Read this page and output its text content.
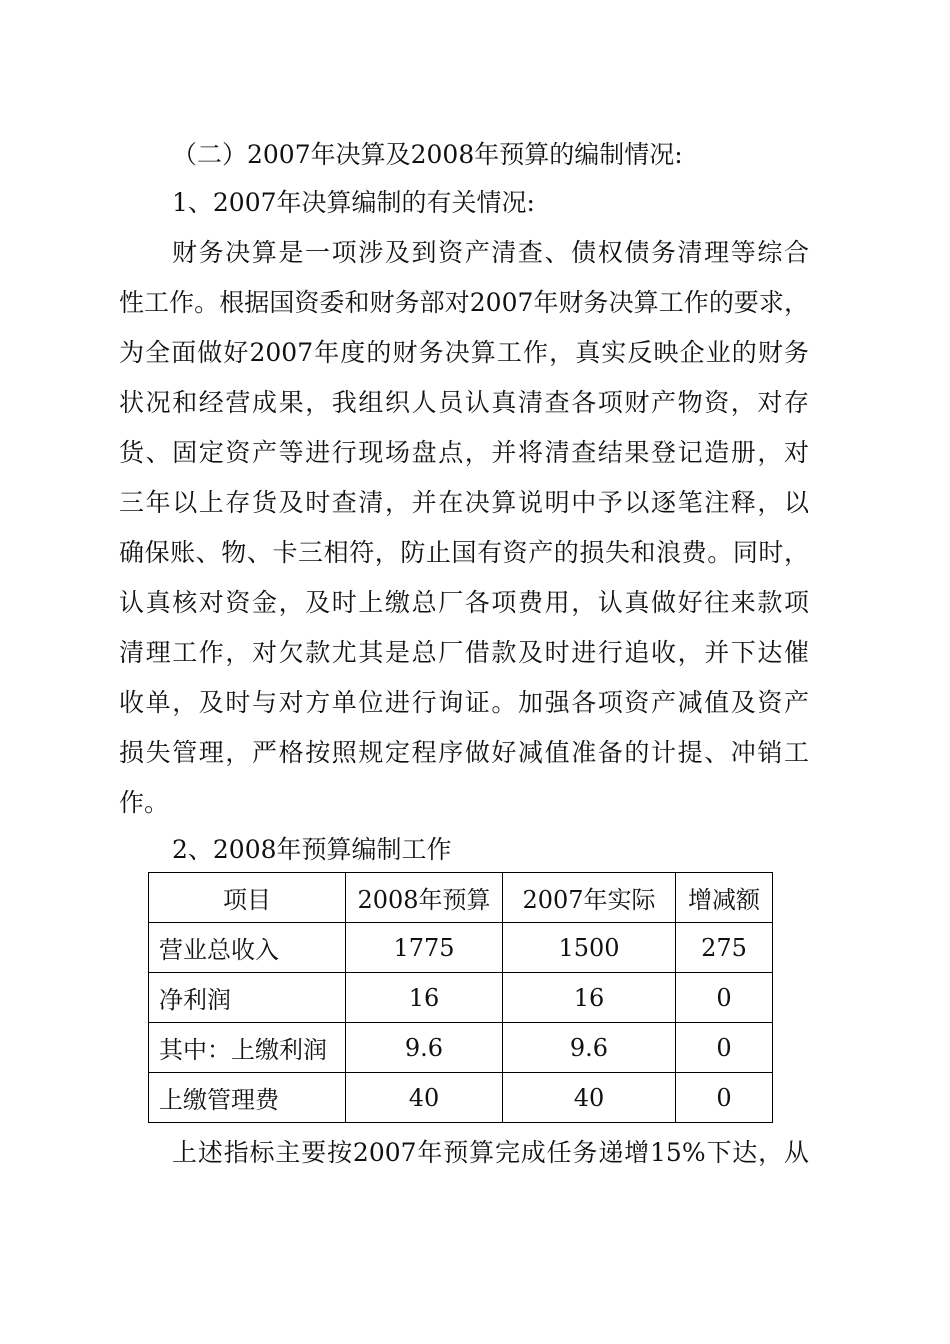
（二）2007年决算及2008年预算的编制情况:
1、2007年决算编制的有关情况:
财务决算是一项涉及到资产清查、债权债务清理等综合
性工作。根据国资委和财务部对2007年财务决算工作的要求，
为全面做好2007年度的财务决算工作，真实反映企业的财务
状况和经营成果，我组织人员认真清查各项财产物资，对存
货、固定资产等进行现场盘点，并将清查结果登记造册，对
三年以上存货及时查清，并在决算说明中予以逐笔注释，以
确保账、物、卡三相符，防止国有资产的损失和浪费。同时，
认真核对资金，及时上缴总厂各项费用，认真做好往来款项
清理工作，对欠款尤其是总厂借款及时进行追收，并下达催
收单，及时与对方单位进行询证。加强各项资产减值及资产
损失管理，严格按照规定程序做好减值准备的计提、冲销工
作。
2、2008年预算编制工作
项目	2008年预算	2007年实际	增减额
营业总收入	1775	1500	275
净利润	16	16	0
其中：上缴利润	9.6	9.6	0
上缴管理费	40	40	0
上述指标主要按2007年预算完成任务递增15%下达，从
